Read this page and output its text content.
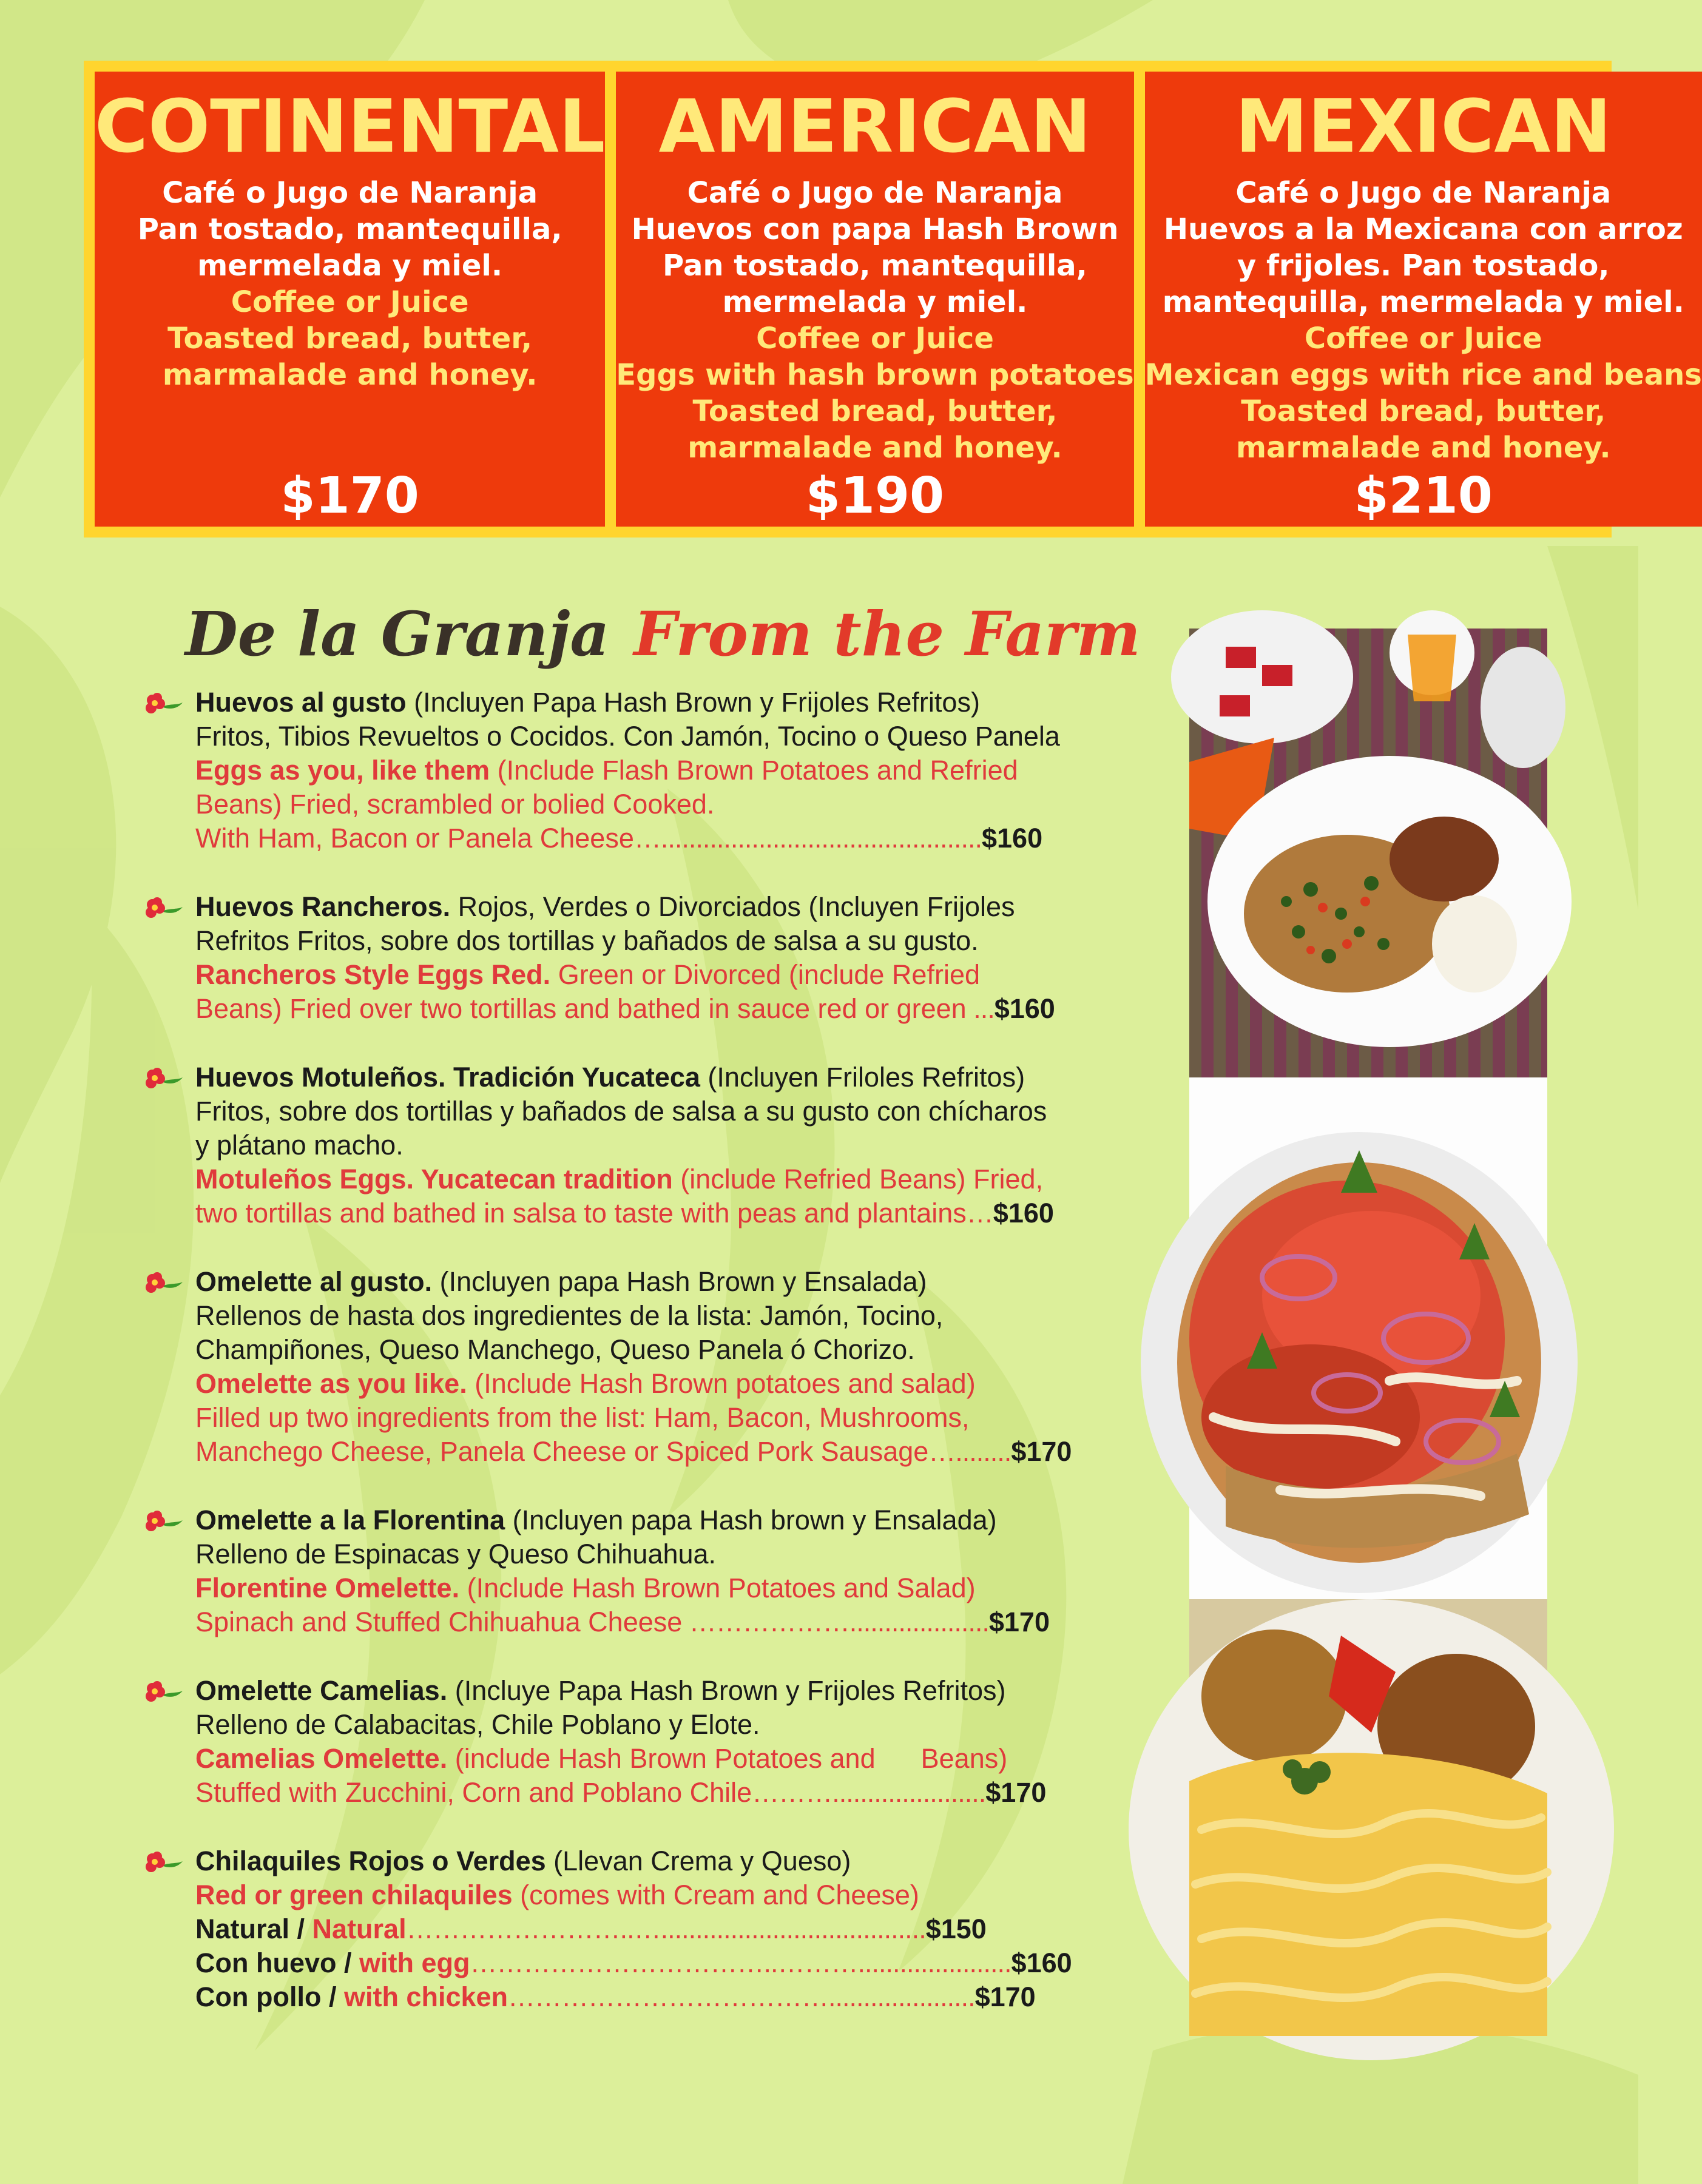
COTINENTAL
Café o Jugo de Naranja
Pan tostado, mantequilla,
mermelada y miel.
Coffee or Juice
Toasted bread, butter,
marmalade and honey.
$170
AMERICAN
Café o Jugo de Naranja
Huevos con papa Hash Brown
Pan tostado, mantequilla,
mermelada y miel.
Coffee or Juice
Eggs with hash brown potatoes
Toasted bread, butter,
marmalade and honey.
$190
MEXICAN
Café o Jugo de Naranja
Huevos a la Mexicana con arroz
y frijoles. Pan tostado,
mantequilla, mermelada y miel.
Coffee or Juice
Mexican eggs with rice and beans
Toasted bread, butter,
marmalade and honey.
$210
De la Granja From the Farm
Huevos al gusto (Incluyen Papa Hash Brown y Frijoles Refritos)
Fritos, Tibios Revueltos o Cocidos. Con Jamón, Tocino o Queso Panela
Eggs as you, like them (Include Flash Brown Potatoes and Refried
Beans) Fried, scrambled or bolied Cooked.
With Ham, Bacon or Panela Cheese…..............................................$160
Huevos Rancheros. Rojos, Verdes o Divorciados (Incluyen Frijoles
Refritos Fritos, sobre dos tortillas y bañados de salsa a su gusto.
Rancheros Style Eggs Red. Green or Divorced (include Refried
Beans) Fried over two tortillas and bathed in sauce red or green ...$160
Huevos Motuleños. Tradición Yucateca (Incluyen Friloles Refritos)
Fritos, sobre dos tortillas y bañados de salsa a su gusto con chícharos
y plátano macho.
Motuleños Eggs. Yucatecan tradition (include Refried Beans) Fried,
two tortillas and bathed in salsa to taste with peas and plantains…$160
Omelette al gusto. (Incluyen papa Hash Brown y Ensalada)
Rellenos de hasta dos ingredientes de la lista: Jamón, Tocino,
Champiñones, Queso Manchego, Queso Panela ó Chorizo.
Omelette as you like. (Include Hash Brown potatoes and salad)
Filled up two ingredients from the list: Ham, Bacon, Mushrooms,
Manchego Cheese, Panela Cheese or Spiced Pork Sausage…........$170
Omelette a la Florentina (Incluyen papa Hash brown y Ensalada)
Relleno de Espinacas y Queso Chihuahua.
Florentine Omelette. (Include Hash Brown Potatoes and Salad)
Spinach and Stuffed Chihuahua Cheese ………………....................$170
Omelette Camelias. (Incluye Papa Hash Brown y Frijoles Refritos)
Relleno de Calabacitas, Chile Poblano y Elote.
Camelias Omelette. (include Hash Brown Potatoes and      Beans)
Stuffed with Zucchini, Corn and Poblano Chile………......................$170
Chilaquiles Rojos o Verdes (Llevan Crema y Queso)
Red or green chilaquiles (comes with Cream and Cheese)
Natural / Natural……………………..…......................................$150
Con huevo / with egg……………………………..………......................$160
Con pollo / with chicken……………………………….....................$170
